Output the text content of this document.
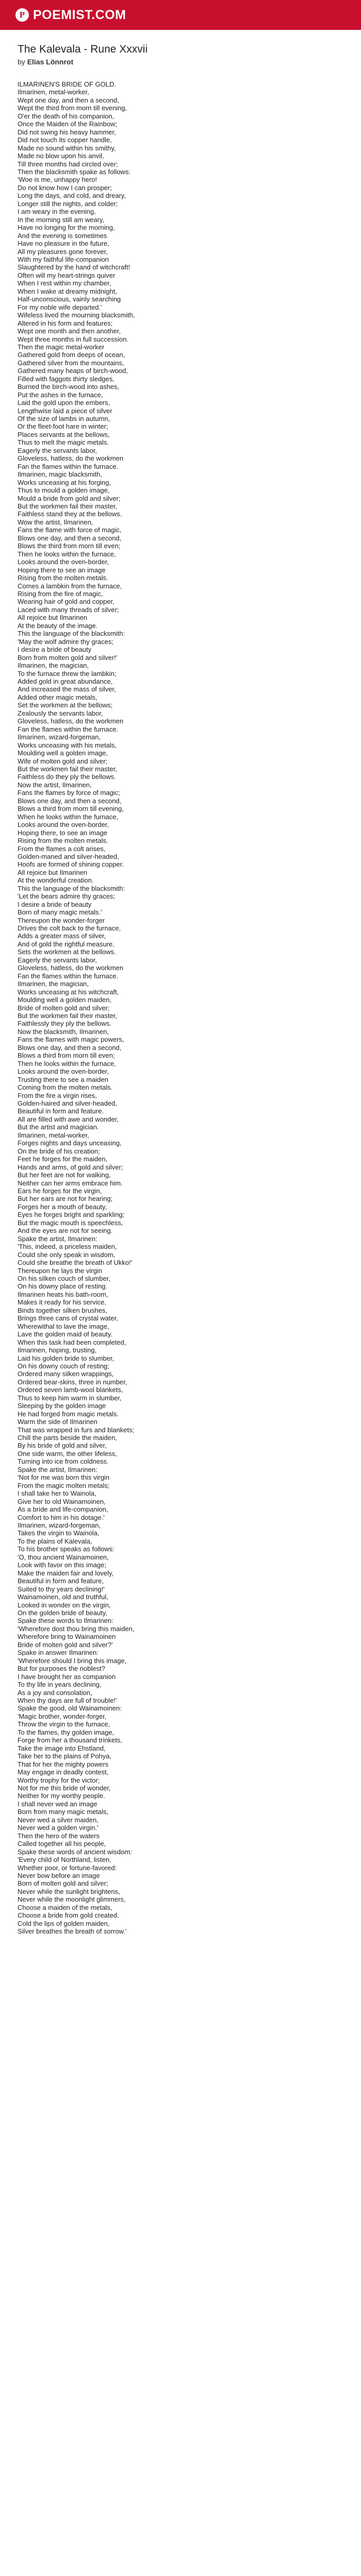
P POEMIST.COM
The Kalevala - Rune Xxxvii
by Elias Lönnrot
ILMARINEN'S BRIDE OF GOLD.
Ilmarinen, metal-worker,
Wept one day, and then a second,
Wept the third from morn till evening,
O'er the death of his companion,
Once the Maiden of the Rainbow;
Did not swing his heavy hammer,
Did not touch its copper handle,
Made no sound within his smithy,
Made no blow upon his anvil,
Till three months had circled over;
Then the blacksmith spake as follows:
'Woe is me, unhappy hero!
Do not know how I can prosper;
Long the days, and cold, and dreary,
Longer still the nights, and colder;
I am weary in the evening,
In the morning still am weary,
Have no longing for the morning,
And the evening is sometimes
Have no pleasure in the future,
All my pleasures gone forever,
With my faithful life-companion
Slaughtered by the hand of witchcraft!
Often will my heart-strings quiver
When I rest within my chamber,
When I wake at dreamy midnight,
Half-unconscious, vainly searching
For my noble wife departed.'
Wifeless lived the mourning blacksmith,
Altered in his form and features;
Wept one month and then another,
Wept three months in full succession.
Then the magic metal-worker
Gathered gold from deeps of ocean,
Gathered silver from the mountains,
Gathered many heaps of birch-wood,
Filled with faggots thirty sledges,
Burned the birch-wood into ashes,
Put the ashes in the furnace,
Laid the gold upon the embers,
Lengthwise laid a piece of silver
Of the size of lambs in autumn,
Or the fleet-foot hare in winter;
Places servants at the bellows,
Thus to melt the magic metals.
Eagerly the servants labor,
Gloveless, hatless, do the workmen
Fan the flames within the furnace.
Ilmarinen, magic blacksmith,
Works unceasing at his forging,
Thus to mould a golden image,
Mould a bride from gold and silver;
But the workmen fail their master,
Faithless stand they at the bellows.
Wow the artist, Ilmarinen,
Fans the flame with force of magic,
Blows one day, and then a second,
Blows the third from morn till even;
Then he looks within the furnace,
Looks around the oven-border,
Hoping there to see an image
Rising from the molten metals.
Comes a lambkin from the furnace,
Rising from the fire of magic,
Wearing hair of gold and copper,
Laced with many threads of silver;
All rejoice but Ilmarinen
At the beauty of the image.
This the language of the blacksmith:
'May the wolf admire thy graces;
I desire a bride of beauty
Born from molten gold and silver!'
Ilmarinen, the magician,
To the furnace threw the lambkin;
Added gold in great abundance,
And increased the mass of silver,
Added other magic metals,
Set the workmen at the bellows;
Zealously the servants labor,
Gloveless, hatless, do the workmen
Fan the flames within the furnace.
Ilmarinen, wizard-forgeman,
Works unceasing with his metals,
Moulding well a golden image,
Wife of molten gold and silver;
But the workmen fail their master,
Faithless do they ply the bellows.
Now the artist, Ilmarinen,
Fans the flames by force of magic;
Blows one day, and then a second,
Blows a third from morn till evening,
When he looks within the furnace,
Looks around the oven-border,
Hoping there, to see an image
Rising from the molten metals.
From the flames a colt arises,
Golden-maned and silver-headed,
Hoofs are formed of shining copper.
All rejoice but Ilmarinen
At the wonderful creation.
This the language of the blacksmith:
'Let the bears admire thy graces;
I desire a bride of beauty
Born of many magic metals.'
Thereupon the wonder-forger
Drives the colt back to the furnace,
Adds a greater mass of silver,
And of gold the rightful measure,
Sets the workmen at the bellows.
Eagerly the servants labor,
Gloveless, hatless, do the workmen
Fan the flames within the furnace.
Ilmarinen, the magician,
Works unceasing at his witchcraft,
Moulding well a golden maiden,
Bride of molten gold and silver;
But the workmen fail their master,
Faithlessly they ply the bellows.
Now the blacksmith, Ilmarinen,
Fans the flames with magic powers,
Blows one day, and then a second,
Blows a third from morn till even;
Then he looks within the furnace,
Looks around the oven-border,
Trusting there to see a maiden
Coming from the molten metals.
From the fire a virgin rises,
Golden-haired and silver-headed,
Beautiful in form and feature.
All are filled with awe and wonder,
But the artist and magician.
Ilmarinen, metal-worker,
Forges nights and days unceasing,
On the bride of his creation;
Feet he forges for the maiden,
Hands and arms, of gold and silver;
But her feet are not for walking,
Neither can her arms embrace him.
Ears he forges for the virgin,
But her ears are not for hearing;
Forges her a mouth of beauty,
Eyes he forges bright and sparkling;
But the magic mouth is speechless,
And the eyes are not for seeing.
Spake the artist, Ilmarinen:
'This, indeed, a priceless maiden,
Could she only speak in wisdom,
Could she breathe the breath of Ukko!'
Thereupon he lays the virgin
On his silken couch of slumber,
On his downy place of resting.
Ilmarinen heats his bath-room,
Makes it ready for his service,
Binds together silken brushes,
Brings three cans of crystal water,
Wherewithal to lave the image,
Lave the golden maid of beauty.
When this task had been completed,
Ilmarinen, hoping, trusting,
Laid his golden bride to slumber,
On his downy couch of resting;
Ordered many silken wrappings,
Ordered bear-skins, three in number,
Ordered seven lamb-wool blankets,
Thus to keep him warm in slumber,
Sleeping by the golden image
He had forged from magic metals.
Warm the side of Ilmarinen
That was wrapped in furs and blankets;
Chill the parts beside the maiden,
By his bride of gold and silver,
One side warm, the other lifeless,
Turning into ice from coldness.
Spake the artist, Ilmarinen:
'Not for me was born this virgin
From the magic molten metals;
I shall take her to Wainola,
Give her to old Wainamoinen,
As a bride and life-companion,
Comfort to him in his dotage.'
Ilmarinen, wizard-forgeman,
Takes the virgin to Wainola,
To the plains of Kalevala,
To his brother speaks as follows:
'O, thou ancient Wainamoinen,
Look with favor on this image;
Make the maiden fair and lovely,
Beautiful in form and feature,
Suited to thy years declining!'
Wainamoinen, old and truthful,
Looked in wonder on the virgin,
On the golden bride of beauty,
Spake these words to Ilmarinen:
'Wherefore dost thou bring this maiden,
Wherefore bring to Wainamoinen
Bride of molten gold and silver?'
Spake in answer Ilmarinen:
'Wherefore should I bring this image,
But for purposes the noblest?
I have brought her as companion
To thy life in years declining,
As a joy and consolation,
When thy days are full of trouble!'
Spake the good, old Wainamoinen:
'Magic brother, wonder-forger,
Throw the virgin to the furnace,
To the flames, thy golden image,
Forge from her a thousand trinkets,
Take the image into Ehstland,
Take her to the plains of Pohya,
That for her the mighty powers
May engage in deadly contest,
Worthy trophy for the victor;
Not for me this bride of wonder,
Neither for my worthy people.
I shall never wed an image
Born from many magic metals,
Never wed a silver maiden,
Never wed a golden virgin.'
Then the hero of the waters
Called together all his people,
Spake these words of ancient wisdom:
'Every child of Northland, listen,
Whether poor, or fortune-favored:
Never bow before an image
Born of molten gold and silver;
Never while the sunlight brightens,
Never while the moonlight glimmers,
Choose a maiden of the metals,
Choose a bride from gold created.
Cold the lips of golden maiden,
Silver breathes the breath of sorrow.'
